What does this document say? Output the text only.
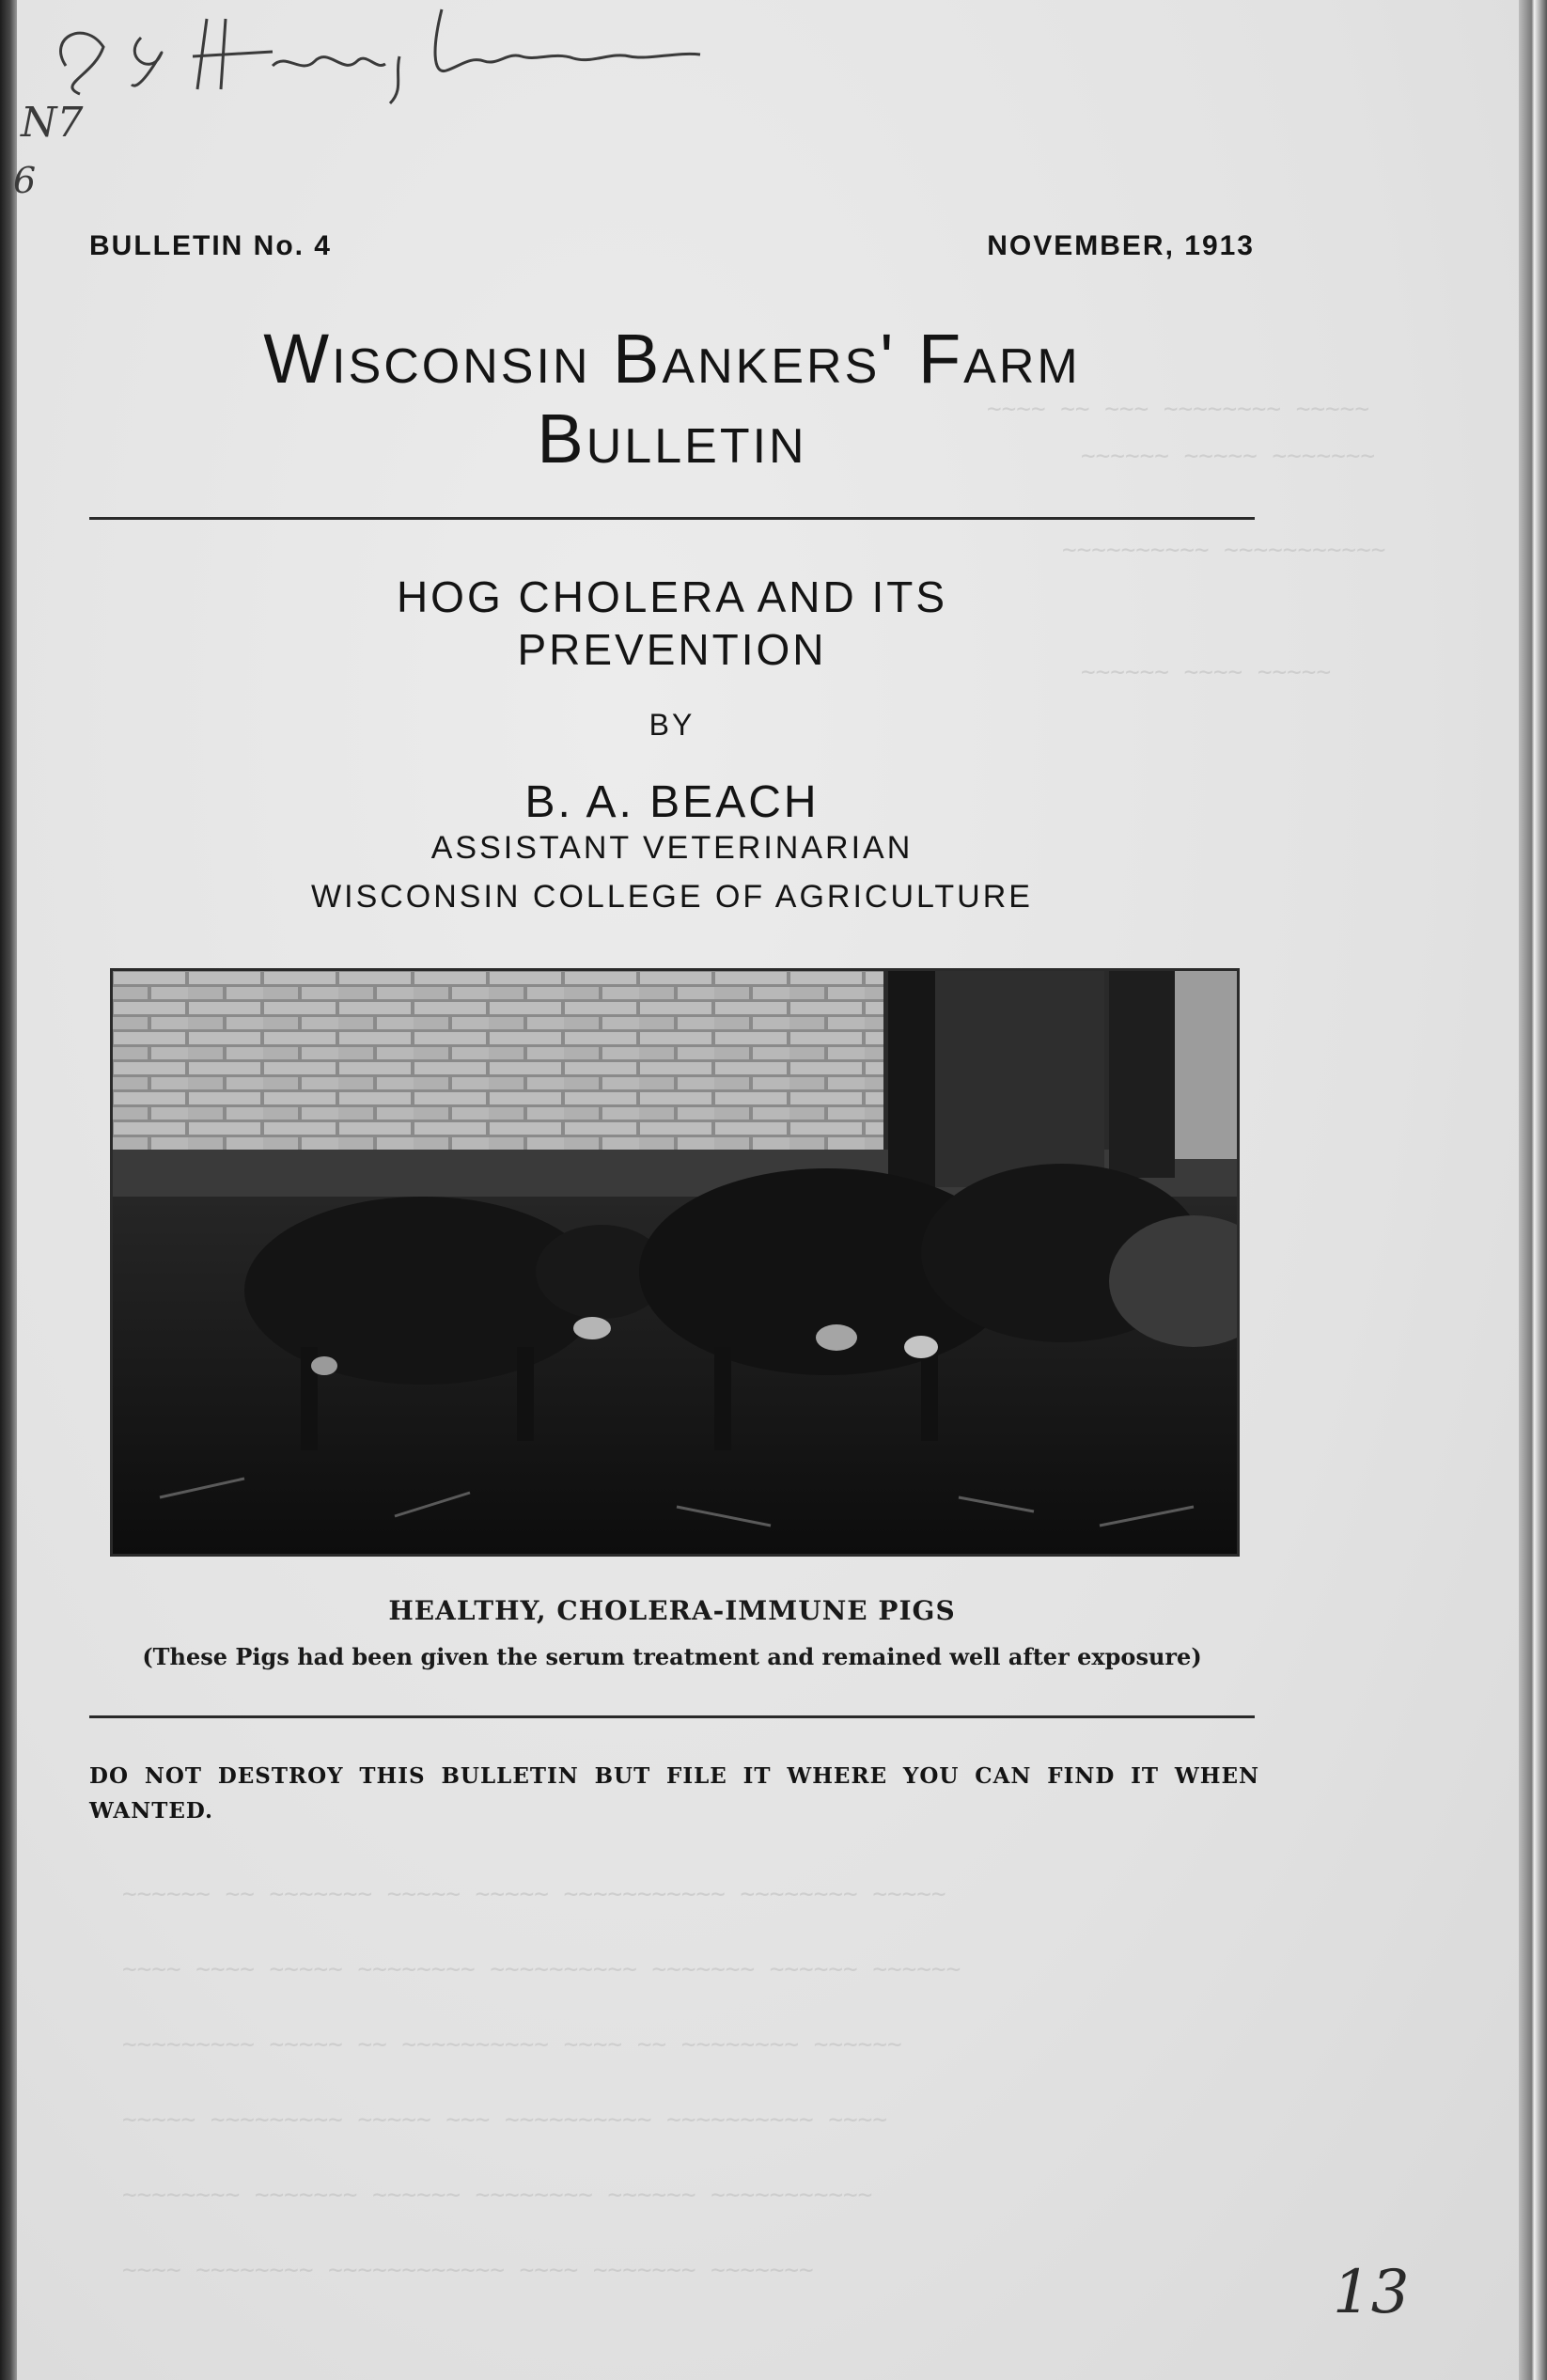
~~~~ ~~ ~~~ ~~~~~~~~ ~~~~~
~~~~~~ ~~~~~ ~~~~~~~
~~~~~~~~~~ ~~~~~~~~~~~
~~~~~~ ~~~~ ~~~~~
~~~~~~ ~~ ~~~~~~~ ~~~~~ ~~~~~ ~~~~~~~~~~~ ~~~~~~~~ ~~~~~
~~~~ ~~~~ ~~~~~ ~~~~~~~~ ~~~~~~~~~~ ~~~~~~~ ~~~~~~ ~~~~~~
~~~~~~~~~ ~~~~~ ~~ ~~~~~~~~~~ ~~~~ ~~ ~~~~~~~~ ~~~~~~
~~~~~ ~~~~~~~~~ ~~~~~ ~~~ ~~~~~~~~~~ ~~~~~~~~~~ ~~~~
~~~~~~~~ ~~~~~~~ ~~~~~~ ~~~~~~~~ ~~~~~~ ~~~~~~~~~~~
~~~~ ~~~~~~~~ ~~~~~~~~~~~~ ~~~~ ~~~~~~~ ~~~~~~~
N7
6
BULLETIN No. 4	NOVEMBER, 1913
Wisconsin Bankers' Farm
Bulletin
HOG CHOLERA AND ITS
PREVENTION
BY
B. A. BEACH
ASSISTANT VETERINARIAN
WISCONSIN COLLEGE OF AGRICULTURE
HEALTHY, CHOLERA-IMMUNE PIGS
(These Pigs had been given the serum treatment and remained well after exposure)
DO NOT DESTROY THIS BULLETIN BUT FILE IT WHERE YOU CAN FIND IT WHEN WANTED.
13
